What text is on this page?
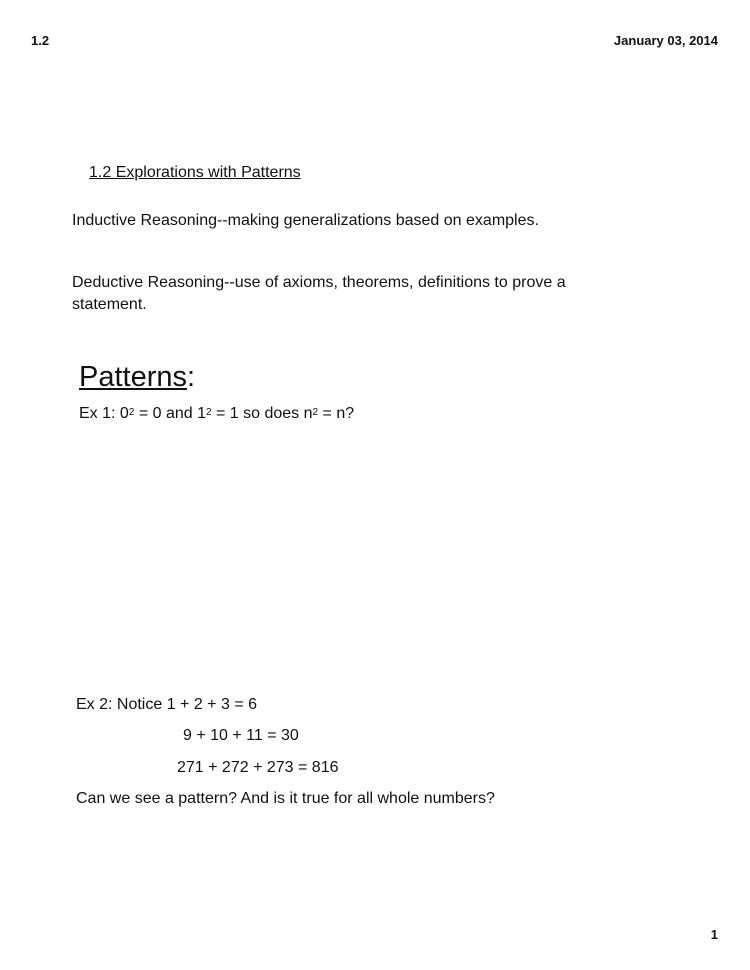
1.2	January 03, 2014
1.2 Explorations with Patterns
Inductive Reasoning--making generalizations based on examples.
Deductive Reasoning--use of axioms, theorems, definitions to prove a
statement.
Patterns:
Ex 1: $0^2 = 0$ and $1^2 = 1$ so does $n^2 = n$?
Ex 2: Notice 1 + 2 + 3 = 6
9 + 10 + 11 = 30
271 + 272 + 273 = 816
Can we see a pattern? And is it true for all whole numbers?
1
